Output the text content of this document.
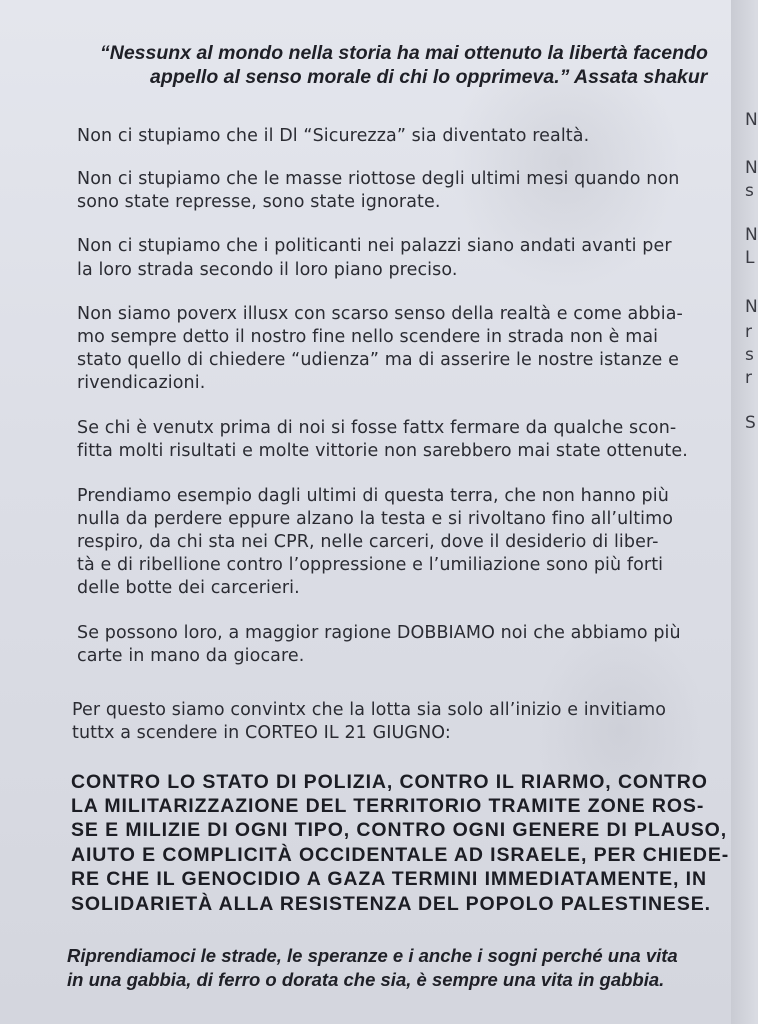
“Nessunx al mondo nella storia ha mai ottenuto la libertà facendo
appello al senso morale di chi lo opprimeva.” Assata shakur
Non ci stupiamo che il Dl “Sicurezza” sia diventato realtà.
Non ci stupiamo che le masse riottose degli ultimi mesi quando non
sono state represse, sono state ignorate.
Non ci stupiamo che i politicanti nei palazzi siano andati avanti per
la loro strada secondo il loro piano preciso.
Non siamo poverx illusx con scarso senso della realtà e come abbia-
mo sempre detto il nostro fine nello scendere in strada non è mai
stato quello di chiedere “udienza” ma di asserire le nostre istanze e
rivendicazioni.
Se chi è venutx prima di noi si fosse fattx fermare da qualche scon-
fitta molti risultati e molte vittorie non sarebbero mai state ottenute.
Prendiamo esempio dagli ultimi di questa terra, che non hanno più
nulla da perdere eppure alzano la testa e si rivoltano fino all’ultimo
respiro, da chi sta nei CPR, nelle carceri, dove il desiderio di liber-
tà e di ribellione contro l’oppressione e l’umiliazione sono più forti
delle botte dei carcerieri.
Se possono loro, a maggior ragione DOBBIAMO noi che abbiamo più
carte in mano da giocare.
Per questo siamo convintx che la lotta sia solo all’inizio e invitiamo
tuttx a scendere in CORTEO IL 21 GIUGNO:
CONTRO LO STATO DI POLIZIA, CONTRO IL RIARMO, CONTRO
LA MILITARIZZAZIONE DEL TERRITORIO TRAMITE ZONE ROS-
SE E MILIZIE DI OGNI TIPO, CONTRO OGNI GENERE DI PLAUSO,
AIUTO E COMPLICITÀ OCCIDENTALE AD ISRAELE, PER CHIEDE-
RE CHE IL GENOCIDIO A GAZA TERMINI IMMEDIATAMENTE, IN
SOLIDARIETÀ ALLA RESISTENZA DEL POPOLO PALESTINESE.
Riprendiamoci le strade, le speranze e i anche i sogni perché una vita
in una gabbia, di ferro o dorata che sia, è sempre una vita in gabbia.
N
N
s
N
L
N
r
s
r
S
